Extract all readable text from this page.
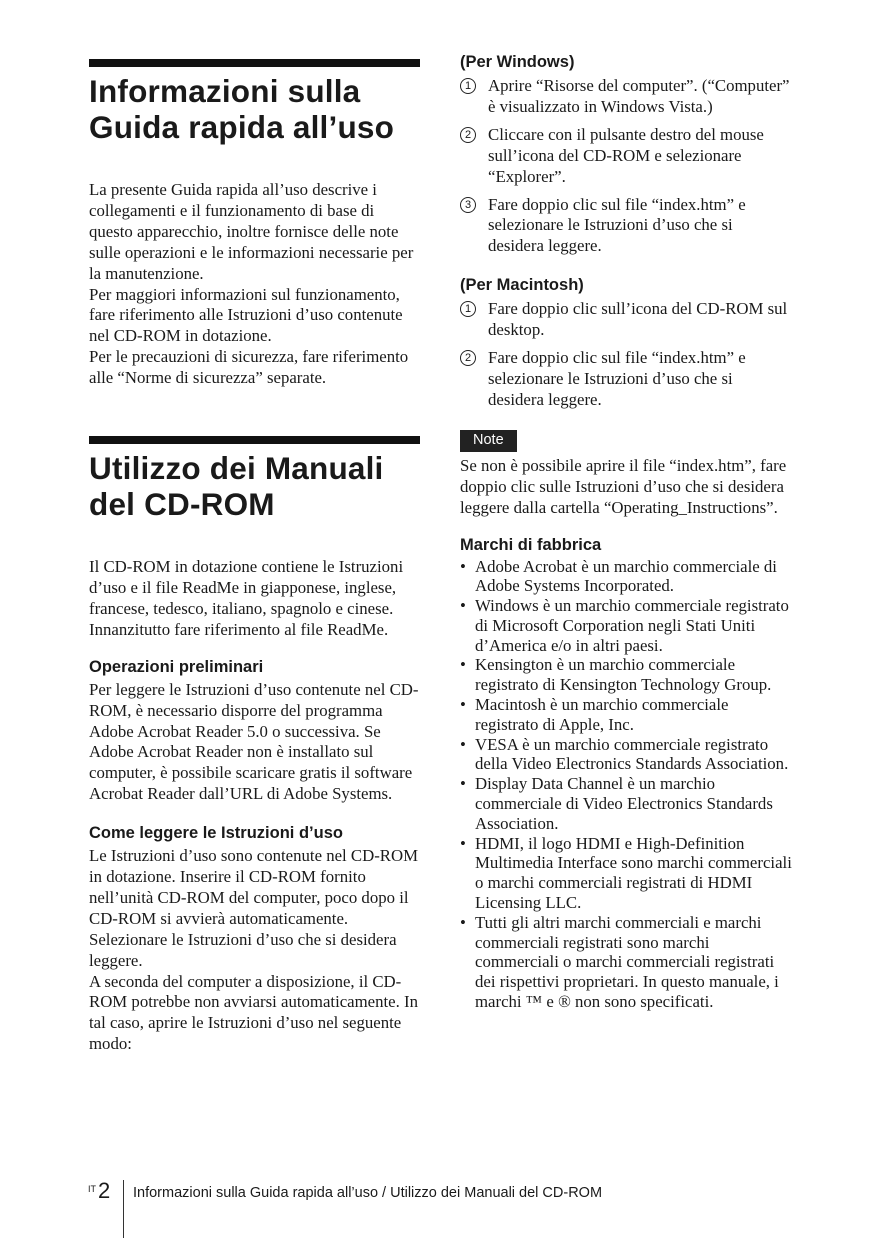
Informazioni sulla
Guida rapida all’uso

La presente Guida rapida all’uso descrive i collegamenti e il funzionamento di base di questo apparecchio, inoltre fornisce delle note sulle operazioni e le informazioni necessarie per la manutenzione.

Per maggiori informazioni sul funzionamento, fare riferimento alle Istruzioni d’uso contenute nel CD-ROM in dotazione.

Per le precauzioni di sicurezza, fare riferimento alle “Norme di sicurezza” separate.

Utilizzo dei Manuali
del CD-ROM

Il CD-ROM in dotazione contiene le Istruzioni d’uso e il file ReadMe in giapponese, inglese, francese, tedesco, italiano, spagnolo e cinese. Innanzitutto fare riferimento al file ReadMe.

Operazioni preliminari

Per leggere le Istruzioni d’uso contenute nel CD-ROM, è necessario disporre del programma Adobe Acrobat Reader 5.0 o successiva. Se Adobe Acrobat Reader non è installato sul computer, è possibile scaricare gratis il software Acrobat Reader dall’URL di Adobe Systems.

Come leggere le Istruzioni d’uso

Le Istruzioni d’uso sono contenute nel CD-ROM in dotazione. Inserire il CD-ROM fornito nell’unità CD-ROM del computer, poco dopo il CD-ROM si avvierà automaticamente. Selezionare le Istruzioni d’uso che si desidera leggere.

A seconda del computer a disposizione, il CD-ROM potrebbe non avviarsi automaticamente. In tal caso, aprire le Istruzioni d’uso nel seguente modo:

(Per Windows)
1 Aprire “Risorse del computer”. (“Computer” è visualizzato in Windows Vista.)
2 Cliccare con il pulsante destro del mouse sull’icona del CD-ROM e selezionare “Explorer”.
3 Fare doppio clic sul file “index.htm” e selezionare le Istruzioni d’uso che si desidera leggere.
(Per Macintosh)
1 Fare doppio clic sull’icona del CD-ROM sul desktop.
2 Fare doppio clic sul file “index.htm” e selezionare le Istruzioni d’uso che si desidera leggere.
Note

Se non è possibile aprire il file “index.htm”, fare doppio clic sulle Istruzioni d’uso che si desidera leggere dalla cartella “Operating_Instructions”.

Marchi di fabbrica
• Adobe Acrobat è un marchio commerciale di Adobe Systems Incorporated.
• Windows è un marchio commerciale registrato di Microsoft Corporation negli Stati Uniti d’America e/o in altri paesi.
• Kensington è un marchio commerciale registrato di Kensington Technology Group.
• Macintosh è un marchio commerciale registrato di Apple, Inc.
• VESA è un marchio commerciale registrato della Video Electronics Standards Association.
• Display Data Channel è un marchio commerciale di Video Electronics Standards Association.
• HDMI, il logo HDMI e High-Definition Multimedia Interface sono marchi commerciali o marchi commerciali registrati di HDMI Licensing LLC.
• Tutti gli altri marchi commerciali e marchi commerciali registrati sono marchi commerciali o marchi commerciali registrati dei rispettivi proprietari. In questo manuale, i marchi ™ e ® non sono specificati.
IT 2 Informazioni sulla Guida rapida all’uso / Utilizzo dei Manuali del CD-ROM
